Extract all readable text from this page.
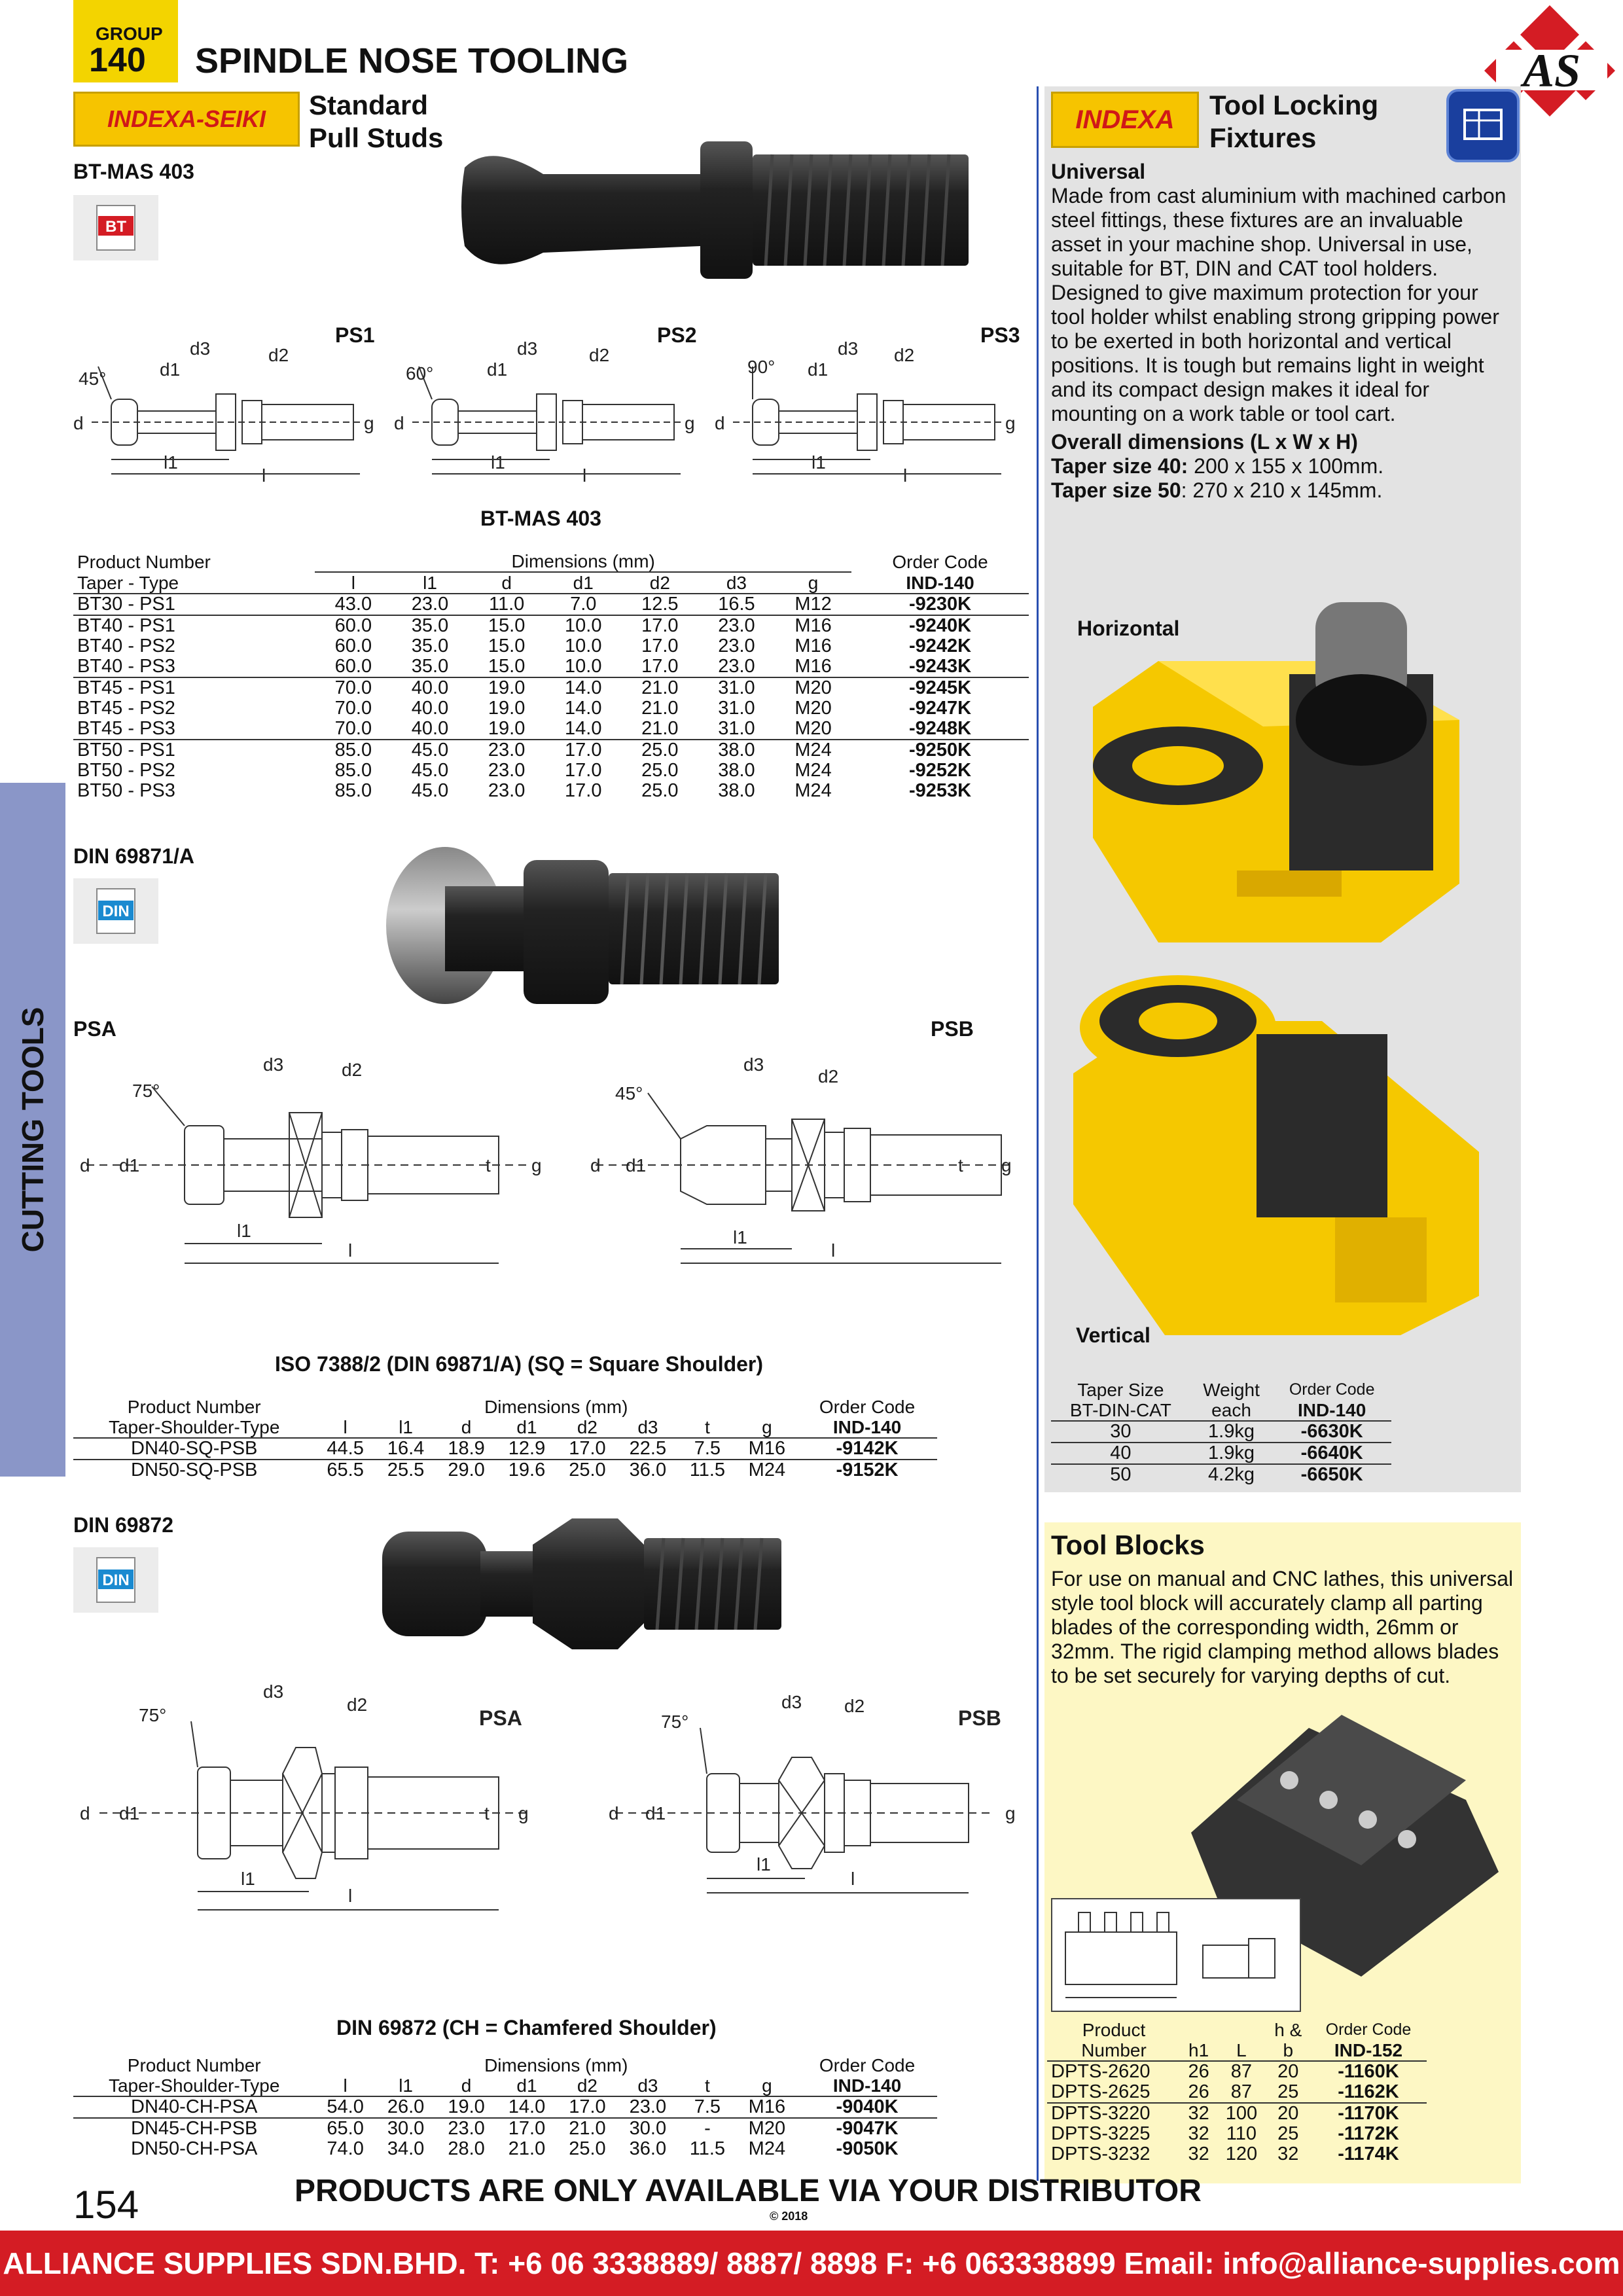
GROUP
140 SPINDLE NOSE TOOLING	AS
CUTTING TOOLS
INDEXA-SEIKI	Standard
Pull Studs
BT-MAS 403
BT
PS1	PS2	PS3
45°
d3	d2
d1
d	g
l1
l
60°
d3	d2
d1
d	g
l1
l
90°
d3 d2
d1
d	g
l1
l
BT-MAS 403
Product Number	Dimensions (mm)							Order Code
Taper - Type	l	l1	d	d1	d2	d3	g	IND-140
BT30 - PS1	43.0	23.0	11.0	7.0	12.5	16.5	M12	-9230K
BT40 - PS1	60.0	35.0	15.0	10.0	17.0	23.0	M16	-9240K
BT40 - PS2	60.0	35.0	15.0	10.0	17.0	23.0	M16	-9242K
BT40 - PS3	60.0	35.0	15.0	10.0	17.0	23.0	M16	-9243K
BT45 - PS1	70.0	40.0	19.0	14.0	21.0	31.0	M20	-9245K
BT45 - PS2	70.0	40.0	19.0	14.0	21.0	31.0	M20	-9247K
BT45 - PS3	70.0	40.0	19.0	14.0	21.0	31.0	M20	-9248K
BT50 - PS1	85.0	45.0	23.0	17.0	25.0	38.0	M24	-9250K
BT50 - PS2	85.0	45.0	23.0	17.0	25.0	38.0	M24	-9252K
BT50 - PS3	85.0	45.0	23.0	17.0	25.0	38.0	M24	-9253K
DIN 69871/A
DIN
PSA	PSB
75°
d3	d2
d d1	t g
l1
l
45°
d3
d2
d d1	t g
l1
l
ISO 7388/2 (DIN 69871/A) (SQ = Square Shoulder)
Product Number	Dimensions (mm)								Order Code
Taper-Shoulder-Type	l	l1	d	d1	d2	d3	t	g	IND-140
DN40-SQ-PSB	44.5	16.4	18.9	12.9	17.0	22.5	7.5	M16	-9142K
DN50-SQ-PSB	65.5	25.5	29.0	19.6	25.0	36.0	11.5	M24	-9152K
DIN 69872
DIN
75°
d3
d2
d d1	t g
l1
l
PSA	75°
d3 d2
d d1	g
l1
l
PSB
DIN 69872 (CH = Chamfered Shoulder)
Product Number	Dimensions (mm)								Order Code
Taper-Shoulder-Type	l	l1	d	d1	d2	d3	t	g	IND-140
DN40-CH-PSA	54.0	26.0	19.0	14.0	17.0	23.0	7.5	M16	-9040K
DN45-CH-PSB	65.0	30.0	23.0	17.0	21.0	30.0	-	M20	-9047K
DN50-CH-PSA	74.0	34.0	28.0	21.0	25.0	36.0	11.5	M24	-9050K
INDEXA	Tool Locking
Fixtures
Universal
Made from cast aluminium with machined carbon steel fittings, these fixtures are an invaluable asset in your machine shop. Universal in use, suitable for BT, DIN and CAT tool holders. Designed to give maximum protection for your tool holder whilst enabling strong gripping power to be exerted in both horizontal and vertical positions. It is tough but remains light in weight and its compact design makes it ideal for mounting on a work table or tool cart.
Overall dimensions (L x W x H)
Taper size 40: 200 x 155 x 100mm.
Taper size 50: 270 x 210 x 145mm.
Horizontal
Vertical
Taper Size	Weight	Order Code
BT-DIN-CAT	each	IND-140
30	1.9kg	-6630K
40	1.9kg	-6640K
50	4.2kg	-6650K
Tool Blocks
For use on manual and CNC lathes, this universal style tool block will accurately clamp all parting blades of the corresponding width, 26mm or 32mm. The rigid clamping method allows blades to be set securely for varying depths of cut.
Product			h &	Order Code
Number	h1	L	b	IND-152
DPTS-2620	26	87	20	-1160K
DPTS-2625	26	87	25	-1162K
DPTS-3220	32	100	20	-1170K
DPTS-3225	32	110	25	-1172K
DPTS-3232	32	120	32	-1174K
154	PRODUCTS ARE ONLY AVAILABLE VIA YOUR DISTRIBUTOR
© 2018
ALLIANCE SUPPLIES SDN.BHD. T: +6 06 3338889/ 8887/ 8898 F: +6 063338899 Email: info@alliance-supplies.com
